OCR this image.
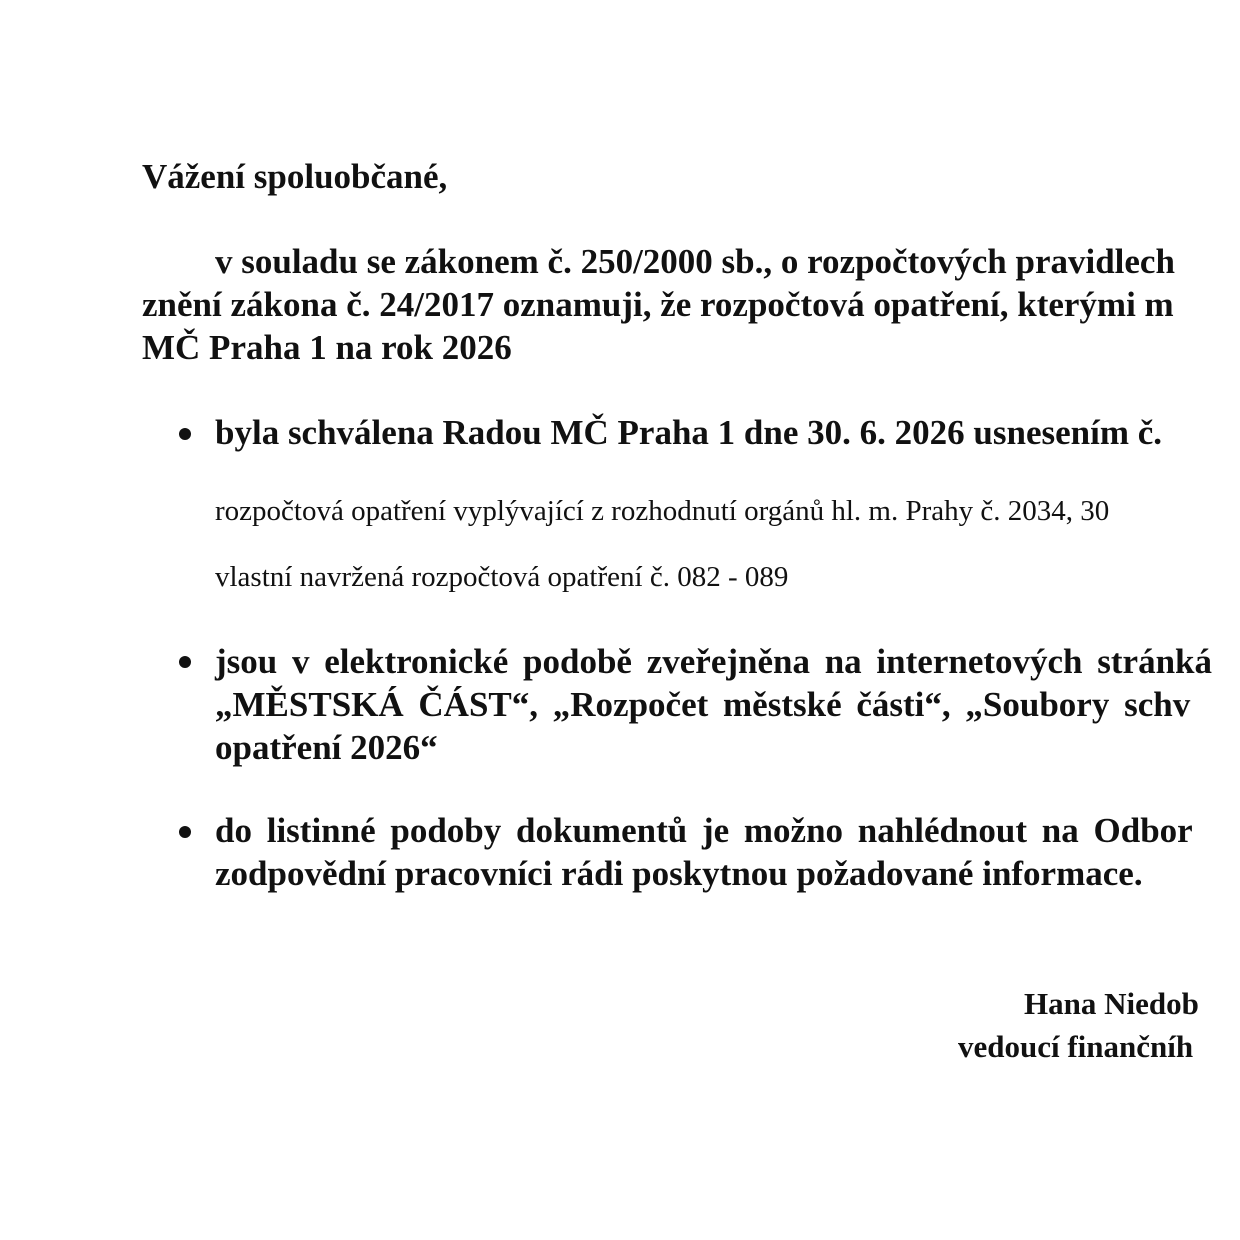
Vážení spoluobčané,

v souladu se zákonem č. 250/2000 sb., o rozpočtových pravidlech

znění zákona č. 24/2017 oznamuji, že rozpočtová opatření, kterými m

MČ Praha 1 na rok 2026

byla schválena Radou MČ Praha 1 dne 30. 6. 2026 usnesením č.

rozpočtová opatření vyplývající z rozhodnutí orgánů hl. m. Prahy č. 2034, 30

vlastní navržená rozpočtová opatření č. 082 - 089

jsou v elektronické podobě zveřejněna na internetových stránká

„MĚSTSKÁ ČÁST“, „Rozpočet městské části“, „Soubory schv

opatření 2026“

do listinné podoby dokumentů je možno nahlédnout na Odbor

zodpovědní pracovníci rádi poskytnou požadované informace.

Hana Niedob
vedoucí finančníh
